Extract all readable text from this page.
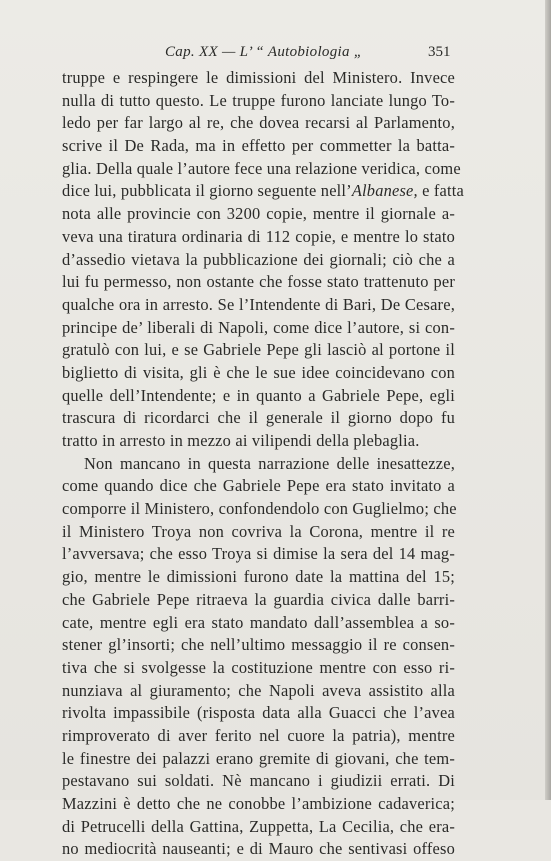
Cap. XX — L’ “ Autobiologia „	351
truppe e respingere le dimissioni del Ministero. Invece
nulla di tutto questo. Le truppe furono lanciate lungo To-
ledo per far largo al re, che dovea recarsi al Parlamento,
scrive il De Rada, ma in effetto per commetter la batta-
glia. Della quale l’autore fece una relazione veridica, come
dice lui, pubblicata il giorno seguente nell’Albanese, e fatta
nota alle provincie con 3200 copie, mentre il giornale a-
veva una tiratura ordinaria di 112 copie, e mentre lo stato
d’assedio vietava la pubblicazione dei giornali; ciò che a
lui fu permesso, non ostante che fosse stato trattenuto per
qualche ora in arresto. Se l’Intendente di Bari, De Cesare,
principe de’ liberali di Napoli, come dice l’autore, si con-
gratulò con lui, e se Gabriele Pepe gli lasciò al portone il
biglietto di visita, gli è che le sue idee coincidevano con
quelle dell’Intendente; e in quanto a Gabriele Pepe, egli
trascura di ricordarci che il generale il giorno dopo fu
tratto in arresto in mezzo ai vilipendi della plebaglia.
Non mancano in questa narrazione delle inesattezze,
come quando dice che Gabriele Pepe era stato invitato a
comporre il Ministero, confondendolo con Guglielmo; che
il Ministero Troya non covriva la Corona, mentre il re
l’avversava; che esso Troya si dimise la sera del 14 mag-
gio, mentre le dimissioni furono date la mattina del 15;
che Gabriele Pepe ritraeva la guardia civica dalle barri-
cate, mentre egli era stato mandato dall’assemblea a so-
stener gl’insorti; che nell’ultimo messaggio il re consen-
tiva che si svolgesse la costituzione mentre con esso ri-
nunziava al giuramento; che Napoli aveva assistito alla
rivolta impassibile (risposta data alla Guacci che l’avea
rimproverato di aver ferito nel cuore la patria), mentre
le finestre dei palazzi erano gremite di giovani, che tem-
pestavano sui soldati. Nè mancano i giudizii errati. Di
Mazzini è detto che ne conobbe l’ambizione cadaverica;
di Petrucelli della Gattina, Zuppetta, La Cecilia, che era-
no mediocrità nauseanti; e di Mauro che sentivasi offeso
